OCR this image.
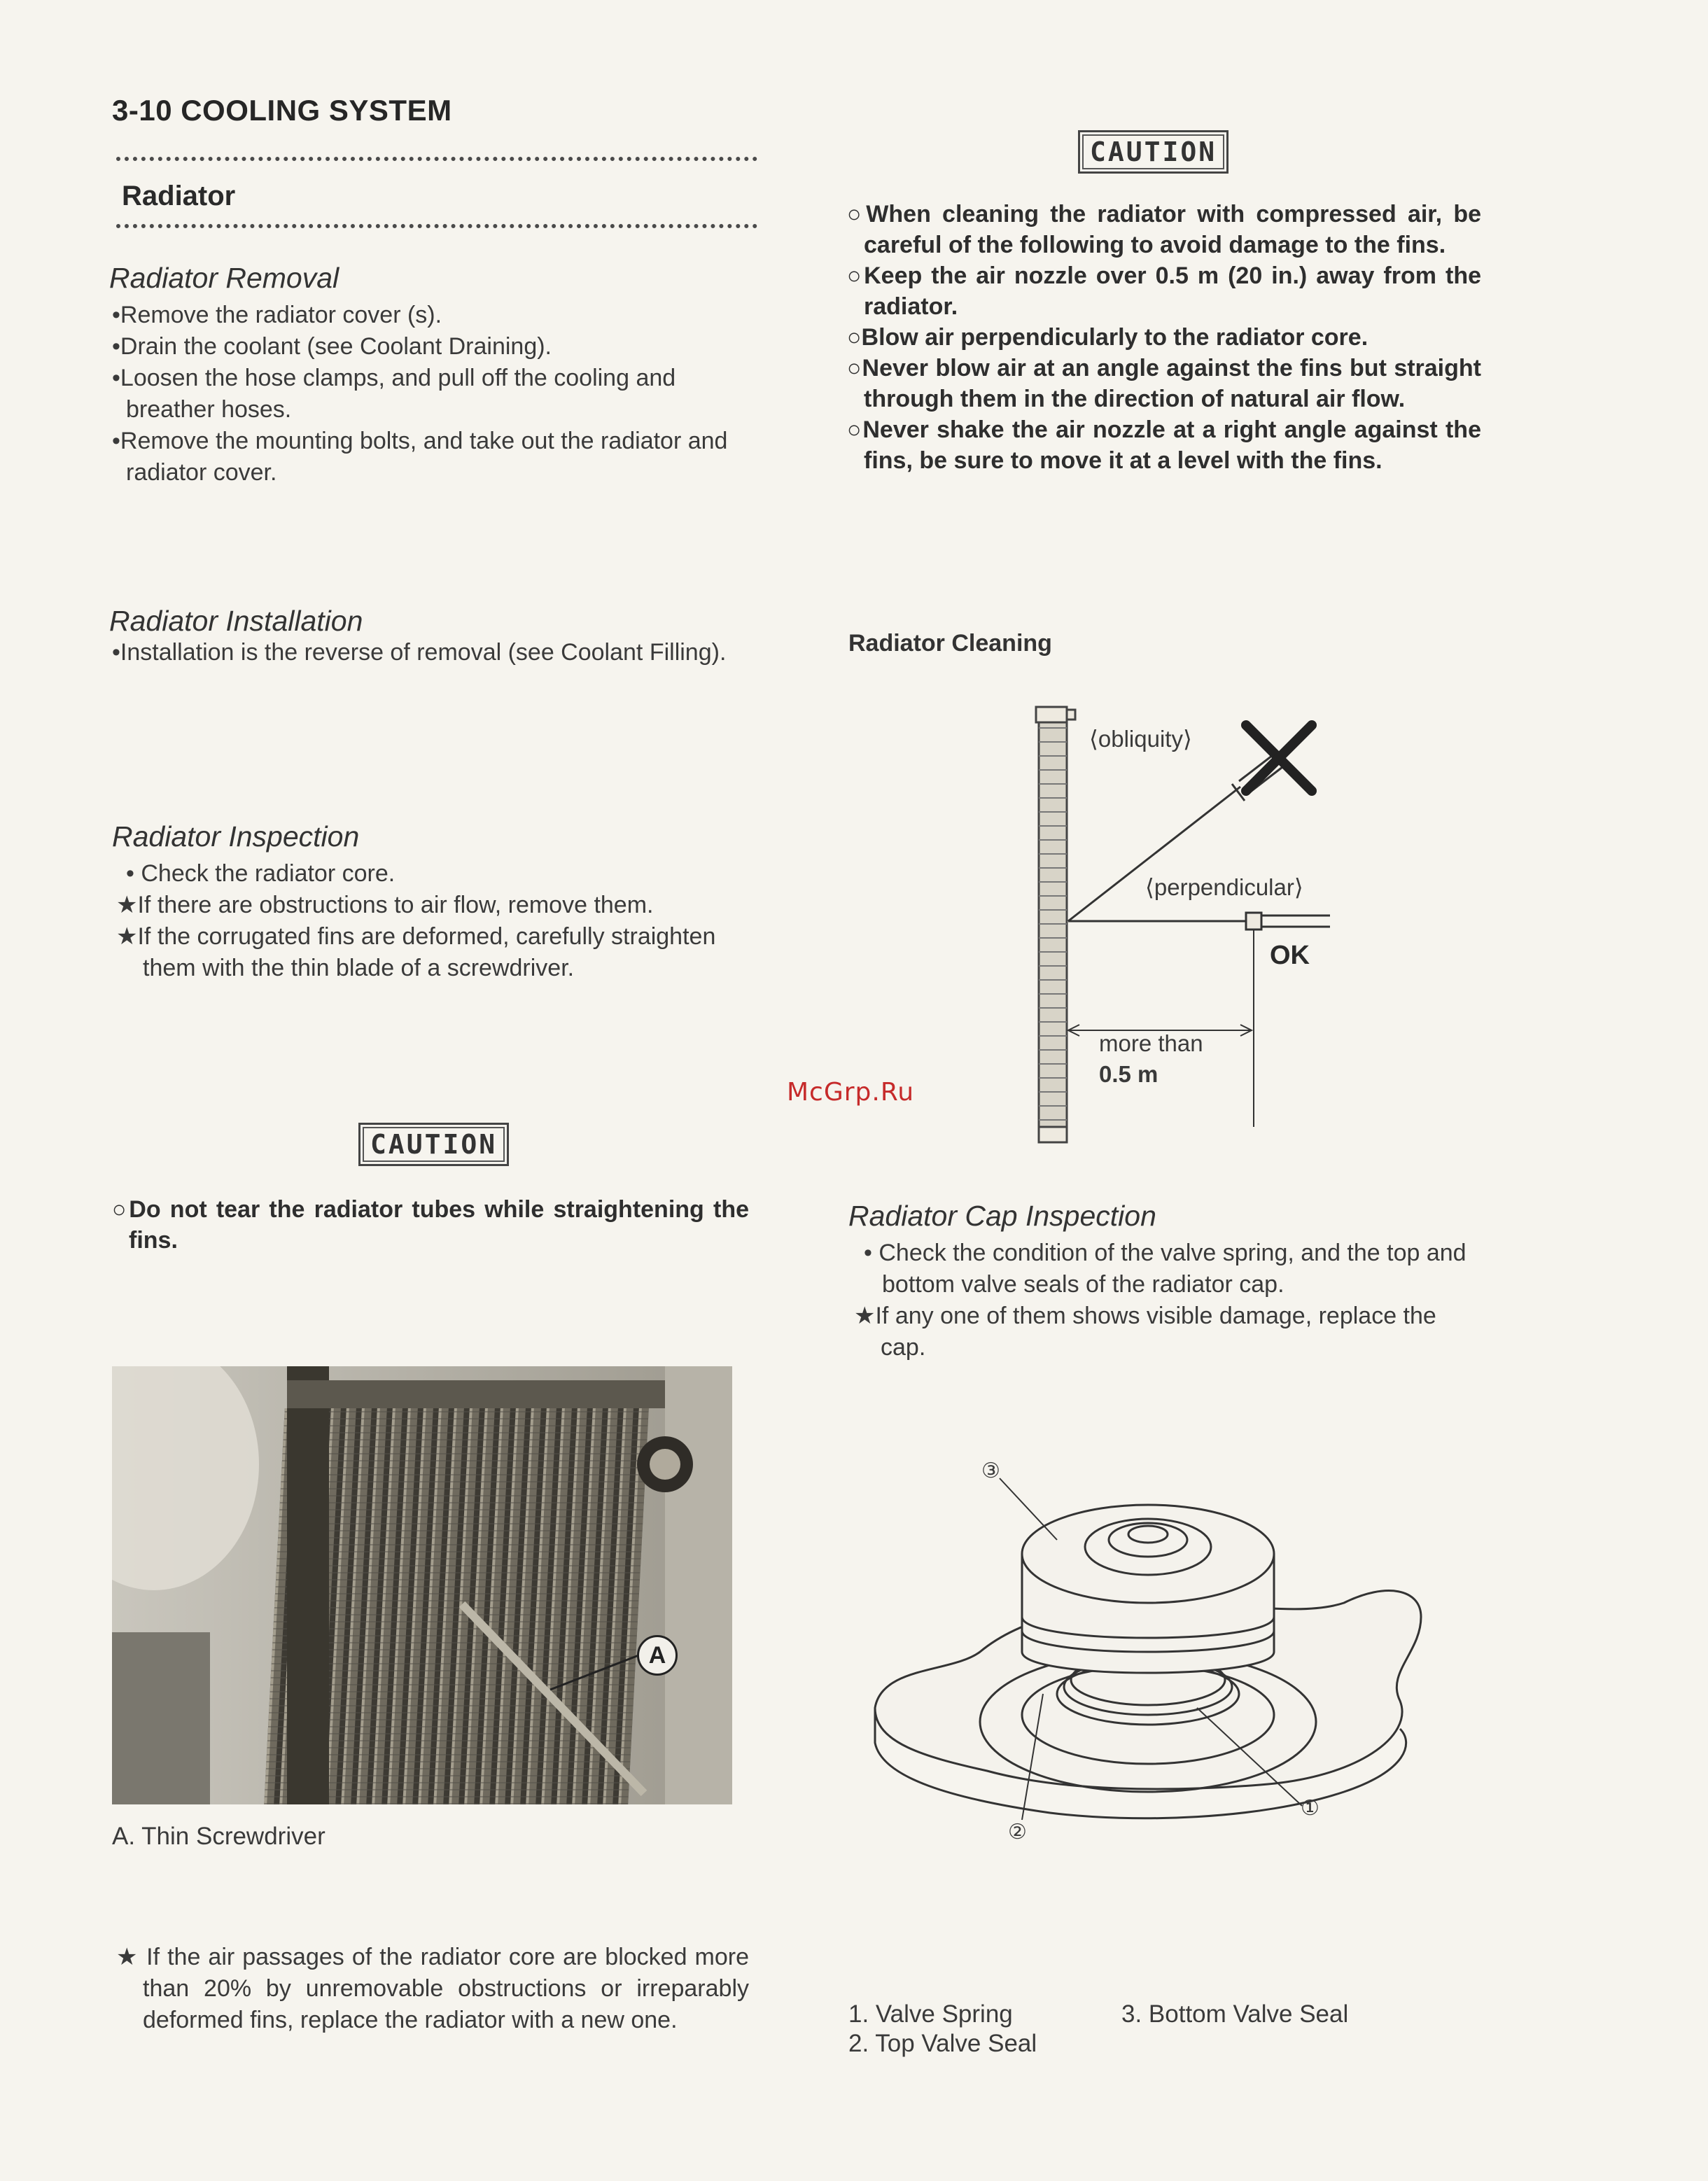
3-10 COOLING SYSTEM
Radiator
Radiator Removal

•Remove the radiator cover (s).

•Drain the coolant (see Coolant Draining).

•Loosen the hose clamps, and pull off the cooling and breather hoses.

•Remove the mounting bolts, and take out the radiator and radiator cover.

Radiator Installation

•Installation is the reverse of removal (see Coolant Filling).

Radiator Inspection

• Check the radiator core.

★If there are obstructions to air flow, remove them.

★If the corrugated fins are deformed, carefully straighten them with the thin blade of a screwdriver.

CAUTION

○Do not tear the radiator tubes while straightening the fins.

A
A. Thin Screwdriver

★ If the air passages of the radiator core are blocked more than 20% by unremovable obstructions or irreparably deformed fins, replace the radiator with a new one.

CAUTION

○When cleaning the radiator with compressed air, be careful of the following to avoid damage to the fins.

○Keep the air nozzle over 0.5 m (20 in.) away from the radiator.

○Blow air perpendicularly to the radiator core.

○Never blow air at an angle against the fins but straight through them in the direction of natural air flow.

○Never shake the air nozzle at a right angle against the fins, be sure to move it at a level with the fins.

Radiator Cleaning
⟨obliquity⟩
⟨perpendicular⟩
OK
more than
0.5 m
McGrp.Ru
Radiator Cap Inspection

• Check the condition of the valve spring, and the top and bottom valve seals of the radiator cap.

★If any one of them shows visible damage, replace the cap.

③
①
②
1. Valve Spring
2. Top Valve Seal
3. Bottom Valve Seal
